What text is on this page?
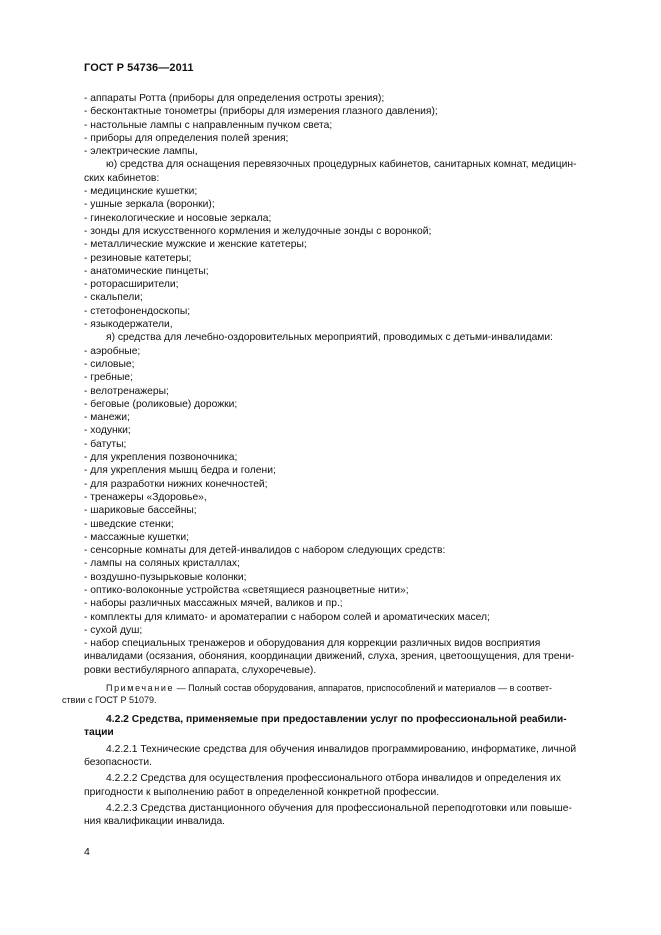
ГОСТ Р 54736—2011
- аппараты Ротта (приборы для определения остроты зрения);
- бесконтактные тонометры (приборы для измерения глазного давления);
- настольные лампы с направленным пучком света;
- приборы для определения полей зрения;
- электрические лампы,
ю) средства для оснащения перевязочных процедурных кабинетов, санитарных комнат, медицин-
ских кабинетов:
- медицинские кушетки;
- ушные зеркала (воронки);
- гинекологические и носовые зеркала;
- зонды для искусственного кормления и желудочные зонды с воронкой;
- металлические мужские и женские катетеры;
- резиновые катетеры;
- анатомические пинцеты;
- роторасширители;
- скальпели;
- стетофонендоскопы;
- языкодержатели,
я) средства для лечебно-оздоровительных мероприятий, проводимых с детьми-инвалидами:
- аэробные;
- силовые;
- гребные;
- велотренажеры;
- беговые (роликовые) дорожки;
- манежи;
- ходунки;
- батуты;
- для укрепления позвоночника;
- для укрепления мышц бедра и голени;
- для разработки нижних конечностей;
- тренажеры «Здоровье»,
- шариковые бассейны;
- шведские стенки;
- массажные кушетки;
- сенсорные комнаты для детей-инвалидов с набором следующих средств:
- лампы на соляных кристаллах;
- воздушно-пузырьковые колонки;
- оптико-волоконные устройства «светящиеся разноцветные нити»;
- наборы различных массажных мячей, валиков и пр.;
- комплекты для климато- и ароматерапии с набором солей и ароматических масел;
- сухой душ;
- набор специальных тренажеров и оборудования для коррекции различных видов восприятия
инвалидами (осязания, обоняния, координации движений, слуха, зрения, цветоощущения, для трени-
ровки вестибулярного аппарата, слухоречевые).
Примечание — Полный состав оборудования, аппаратов, приспособлений и материалов — в соответ-
ствии с ГОСТ Р 51079.
4.2.2 Средства, применяемые при предоставлении услуг по профессиональной реабили-
тации
4.2.2.1 Технические средства для обучения инвалидов программированию, информатике, личной
безопасности.
4.2.2.2 Средства для осуществления профессионального отбора инвалидов и определения их
пригодности к выполнению работ в определенной конкретной профессии.
4.2.2.3 Средства дистанционного обучения для профессиональной переподготовки или повыше-
ния квалификации инвалида.
4
